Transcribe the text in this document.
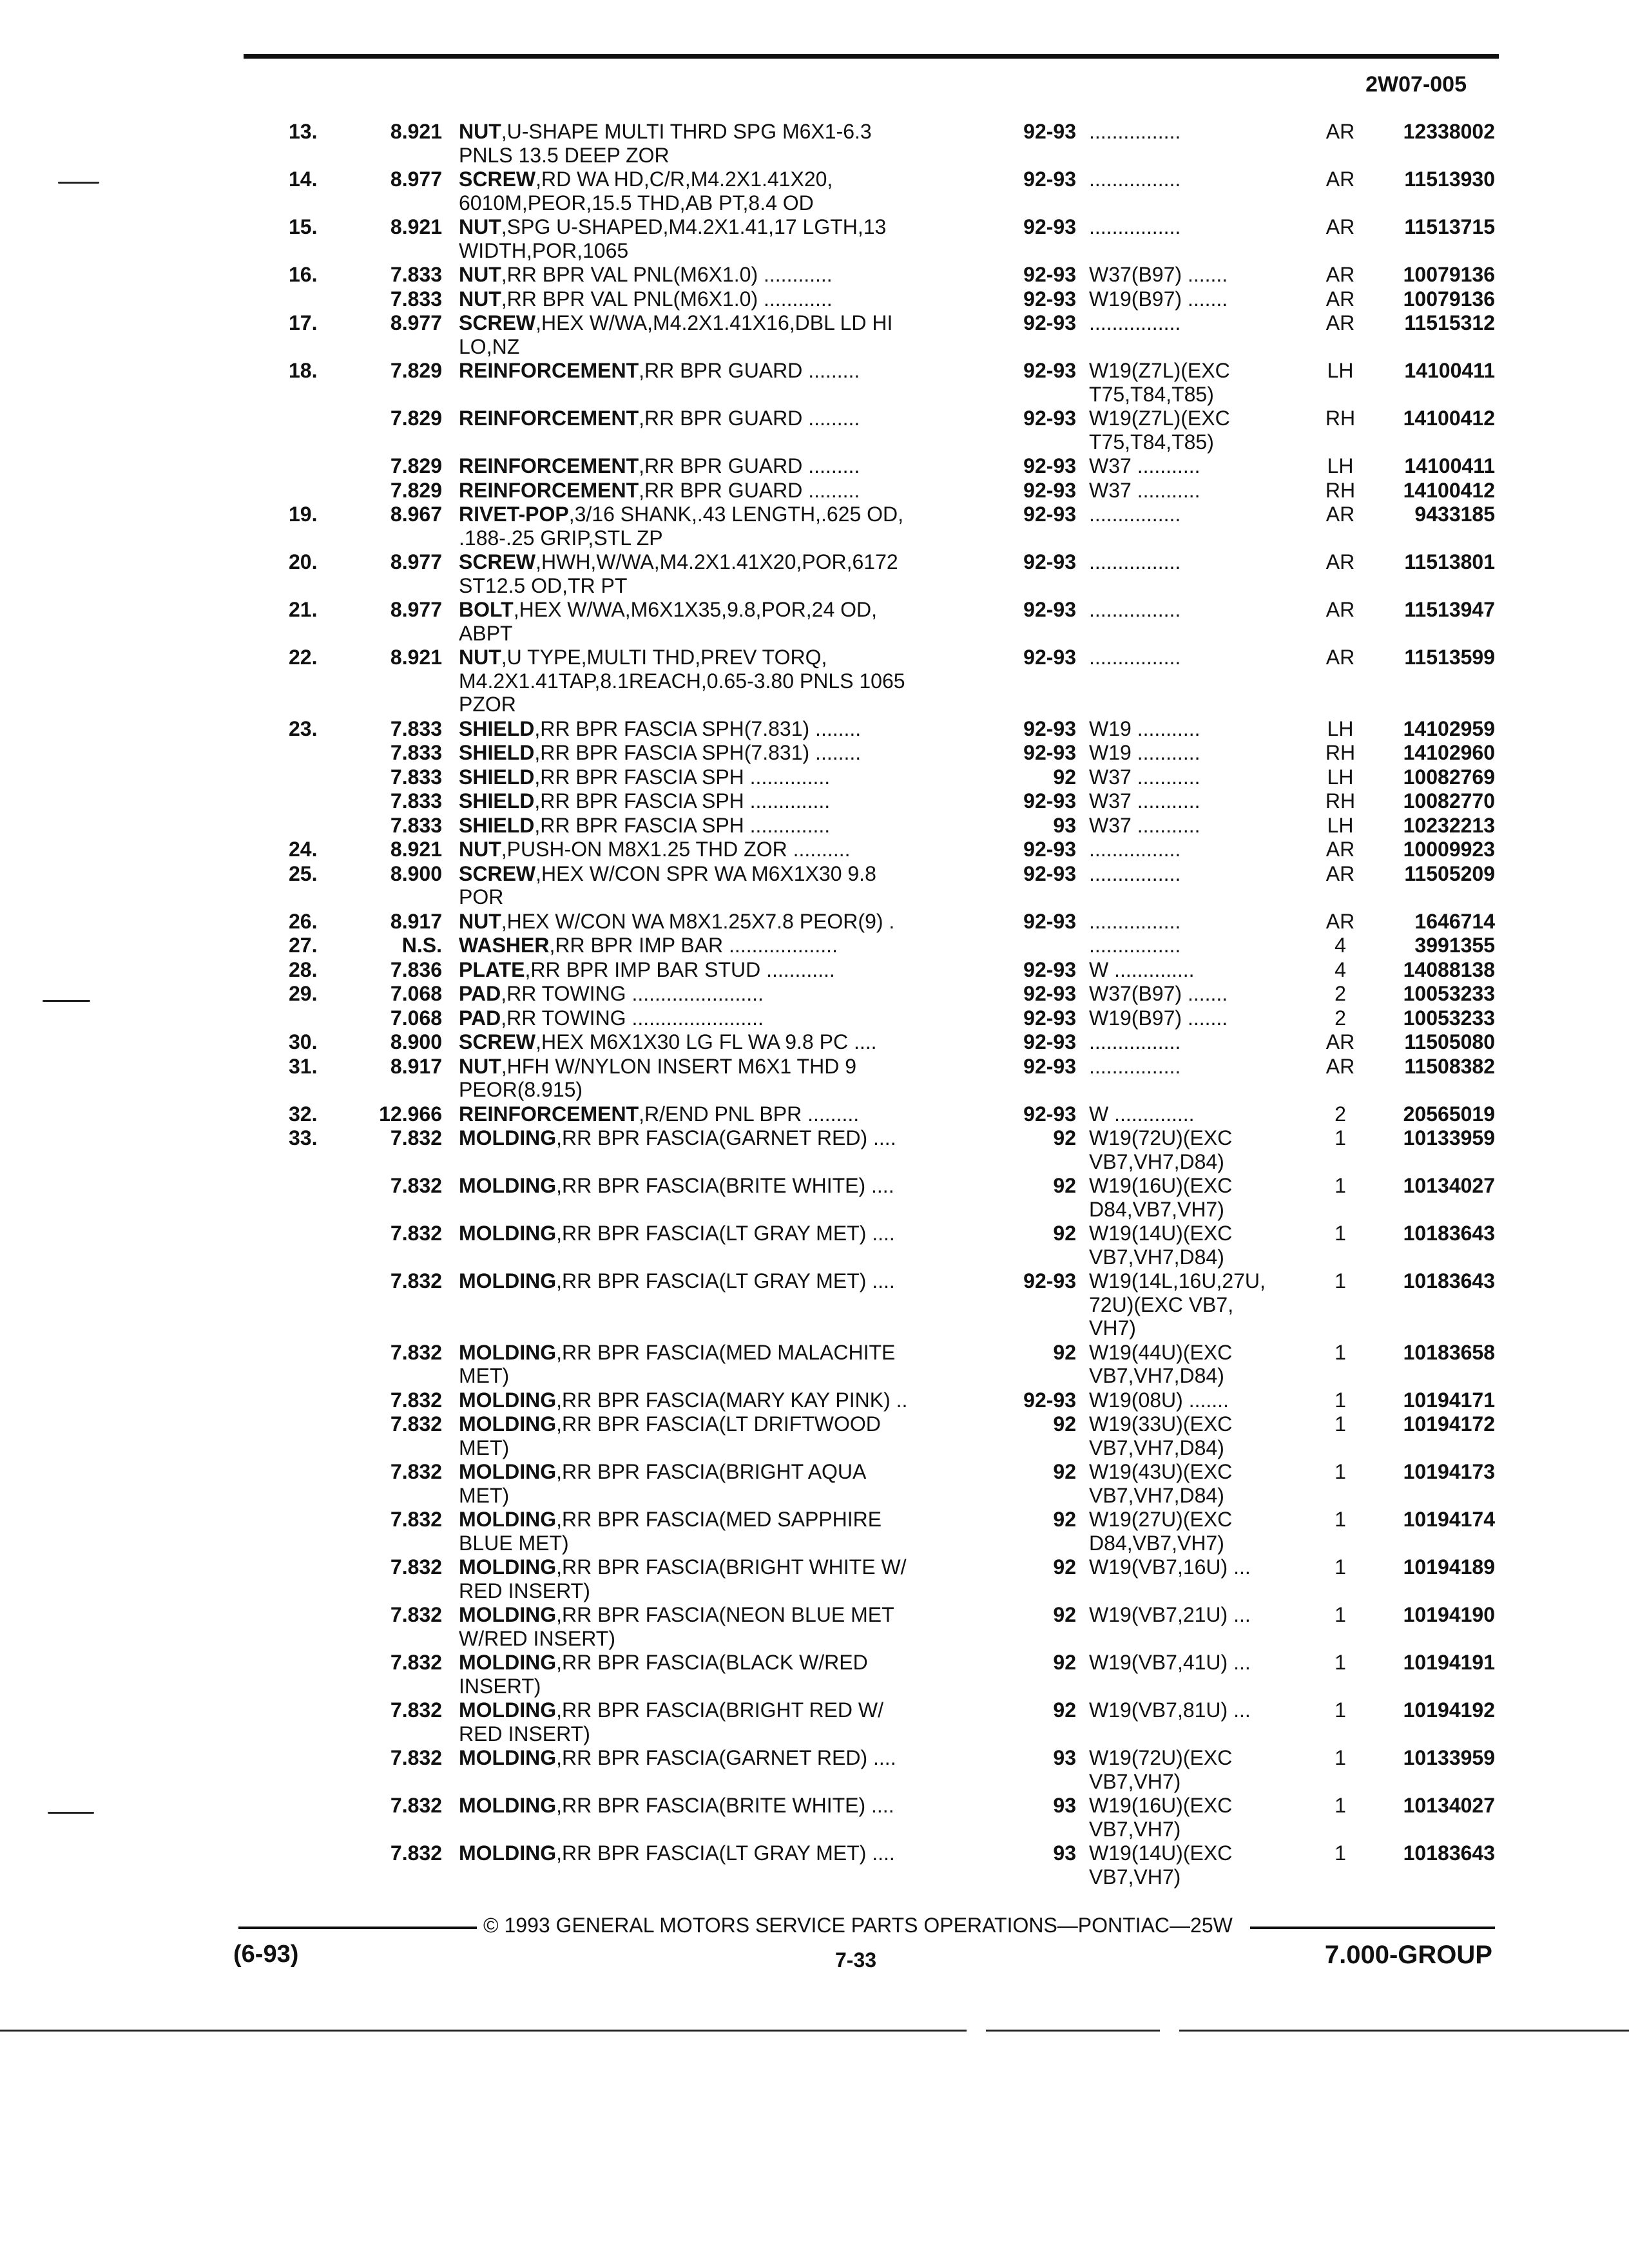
2W07-005
13.	8.921 NUT,U-SHAPE MULTI THRD SPG M6X1-6.3
PNLS 13.5 DEEP ZOR
92-93 ................	AR	12338002
14.	8.977 SCREW,RD WA HD,C/R,M4.2X1.41X20,
6010M,PEOR,15.5 THD,AB PT,8.4 OD
92-93 ................	AR	11513930
15.	8.921 NUT,SPG U-SHAPED,M4.2X1.41,17 LGTH,13
WIDTH,POR,1065
92-93 ................	AR	11513715
16.	7.833 NUT,RR BPR VAL PNL(M6X1.0) ............	92-93 W37(B97) .......	AR	10079136
7.833 NUT,RR BPR VAL PNL(M6X1.0) ............	92-93 W19(B97) .......	AR	10079136
17.	8.977 SCREW,HEX W/WA,M4.2X1.41X16,DBL LD HI
LO,NZ
92-93 ................	AR	11515312
18.	7.829 REINFORCEMENT,RR BPR GUARD .........	92-93 W19(Z7L)(EXC
T75,T84,T85)
LH	14100411
7.829 REINFORCEMENT,RR BPR GUARD .........	92-93 W19(Z7L)(EXC
T75,T84,T85)
RH	14100412
7.829 REINFORCEMENT,RR BPR GUARD .........	92-93 W37 ...........	LH	14100411
7.829 REINFORCEMENT,RR BPR GUARD .........	92-93 W37 ...........	RH	14100412
19.	8.967 RIVET-POP,3/16 SHANK,.43 LENGTH,.625 OD,
.188-.25 GRIP,STL ZP
92-93 ................	AR	9433185
20.	8.977 SCREW,HWH,W/WA,M4.2X1.41X20,POR,6172
ST12.5 OD,TR PT
92-93 ................	AR	11513801
21.	8.977 BOLT,HEX W/WA,M6X1X35,9.8,POR,24 OD,
ABPT
92-93 ................	AR	11513947
22.	8.921 NUT,U TYPE,MULTI THD,PREV TORQ,
M4.2X1.41TAP,8.1REACH,0.65-3.80 PNLS 1065
PZOR
92-93 ................	AR	11513599
23.	7.833 SHIELD,RR BPR FASCIA SPH(7.831) ........	92-93 W19 ...........	LH	14102959
7.833 SHIELD,RR BPR FASCIA SPH(7.831) ........	92-93 W19 ...........	RH	14102960
7.833 SHIELD,RR BPR FASCIA SPH ..............	92 W37 ...........	LH	10082769
7.833 SHIELD,RR BPR FASCIA SPH ..............	92-93 W37 ...........	RH	10082770
7.833 SHIELD,RR BPR FASCIA SPH ..............	93 W37 ...........	LH	10232213
24.	8.921 NUT,PUSH-ON M8X1.25 THD ZOR ..........	92-93 ................	AR	10009923
25.	8.900 SCREW,HEX W/CON SPR WA M6X1X30 9.8
POR
92-93 ................	AR	11505209
26.	8.917 NUT,HEX W/CON WA M8X1.25X7.8 PEOR(9) .	92-93 ................	AR	1646714
27.	N.S. WASHER,RR BPR IMP BAR ...................	................	4	3991355
28.	7.836 PLATE,RR BPR IMP BAR STUD ............	92-93 W ..............	4	14088138
29.	7.068 PAD,RR TOWING .......................	92-93 W37(B97) .......	2	10053233
7.068 PAD,RR TOWING .......................	92-93 W19(B97) .......	2	10053233
30.	8.900 SCREW,HEX M6X1X30 LG FL WA 9.8 PC ....	92-93 ................	AR	11505080
31.	8.917 NUT,HFH W/NYLON INSERT M6X1 THD 9
PEOR(8.915)
92-93 ................	AR	11508382
32.	12.966 REINFORCEMENT,R/END PNL BPR .........	92-93 W ..............	2	20565019
33.	7.832 MOLDING,RR BPR FASCIA(GARNET RED) ....	92 W19(72U)(EXC
VB7,VH7,D84)
1	10133959
7.832 MOLDING,RR BPR FASCIA(BRITE WHITE) ....	92 W19(16U)(EXC
D84,VB7,VH7)
1	10134027
7.832 MOLDING,RR BPR FASCIA(LT GRAY MET) ....	92 W19(14U)(EXC
VB7,VH7,D84)
1	10183643
7.832 MOLDING,RR BPR FASCIA(LT GRAY MET) ....	92-93 W19(14L,16U,27U,
72U)(EXC VB7,
VH7)
1	10183643
7.832 MOLDING,RR BPR FASCIA(MED MALACHITE
MET)
92 W19(44U)(EXC
VB7,VH7,D84)
1	10183658
7.832 MOLDING,RR BPR FASCIA(MARY KAY PINK) ..	92-93 W19(08U) .......	1	10194171
7.832 MOLDING,RR BPR FASCIA(LT DRIFTWOOD
MET)
92 W19(33U)(EXC
VB7,VH7,D84)
1	10194172
7.832 MOLDING,RR BPR FASCIA(BRIGHT AQUA
MET)
92 W19(43U)(EXC
VB7,VH7,D84)
1	10194173
7.832 MOLDING,RR BPR FASCIA(MED SAPPHIRE
BLUE MET)
92 W19(27U)(EXC
D84,VB7,VH7)
1	10194174
7.832 MOLDING,RR BPR FASCIA(BRIGHT WHITE W/
RED INSERT)
92 W19(VB7,16U) ...	1	10194189
7.832 MOLDING,RR BPR FASCIA(NEON BLUE MET
W/RED INSERT)
92 W19(VB7,21U) ...	1	10194190
7.832 MOLDING,RR BPR FASCIA(BLACK W/RED
INSERT)
92 W19(VB7,41U) ...	1	10194191
7.832 MOLDING,RR BPR FASCIA(BRIGHT RED W/
RED INSERT)
92 W19(VB7,81U) ...	1	10194192
7.832 MOLDING,RR BPR FASCIA(GARNET RED) ....	93 W19(72U)(EXC
VB7,VH7)
1	10133959
7.832 MOLDING,RR BPR FASCIA(BRITE WHITE) ....	93 W19(16U)(EXC
VB7,VH7)
1	10134027
7.832 MOLDING,RR BPR FASCIA(LT GRAY MET) ....	93 W19(14U)(EXC
VB7,VH7)
1	10183643
© 1993 GENERAL MOTORS SERVICE PARTS OPERATIONS—PONTIAC—25W
(6-93)	7-33	7.000-GROUP
